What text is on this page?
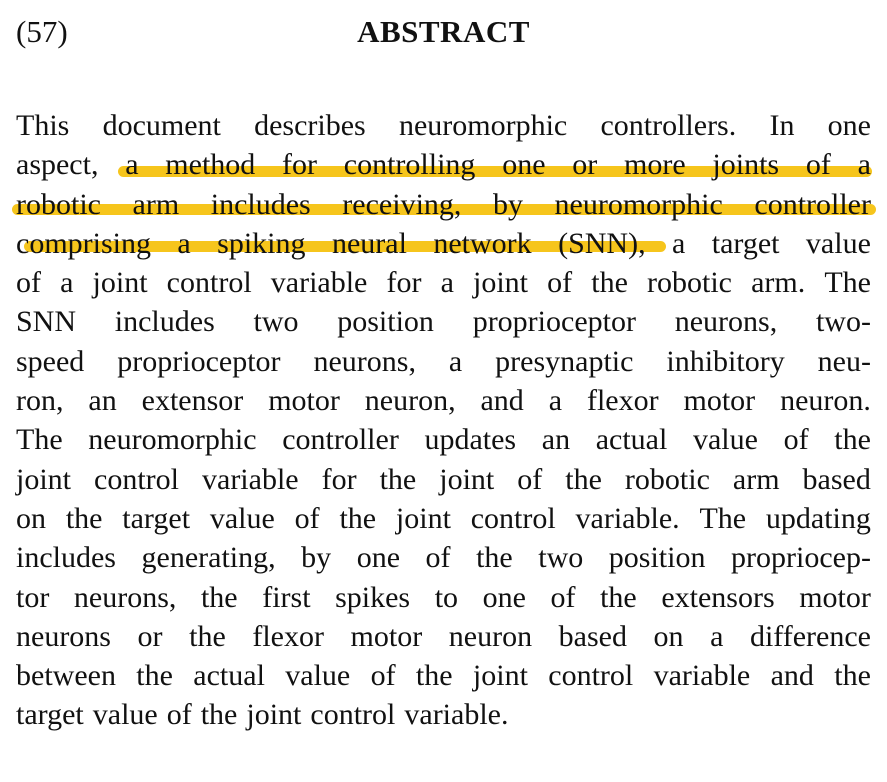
(57)	ABSTRACT
This document describes neuromorphic controllers. In one
aspect, a method for controlling one or more joints of a
robotic arm includes receiving, by neuromorphic controller
comprising a spiking neural network (SNN), a target value
of a joint control variable for a joint of the robotic arm. The
SNN includes two position proprioceptor neurons, two-
speed proprioceptor neurons, a presynaptic inhibitory neu-
ron, an extensor motor neuron, and a flexor motor neuron.
The neuromorphic controller updates an actual value of the
joint control variable for the joint of the robotic arm based
on the target value of the joint control variable. The updating
includes generating, by one of the two position propriocep-
tor neurons, the first spikes to one of the extensors motor
neurons or the flexor motor neuron based on a difference
between the actual value of the joint control variable and the
target value of the joint control variable.
